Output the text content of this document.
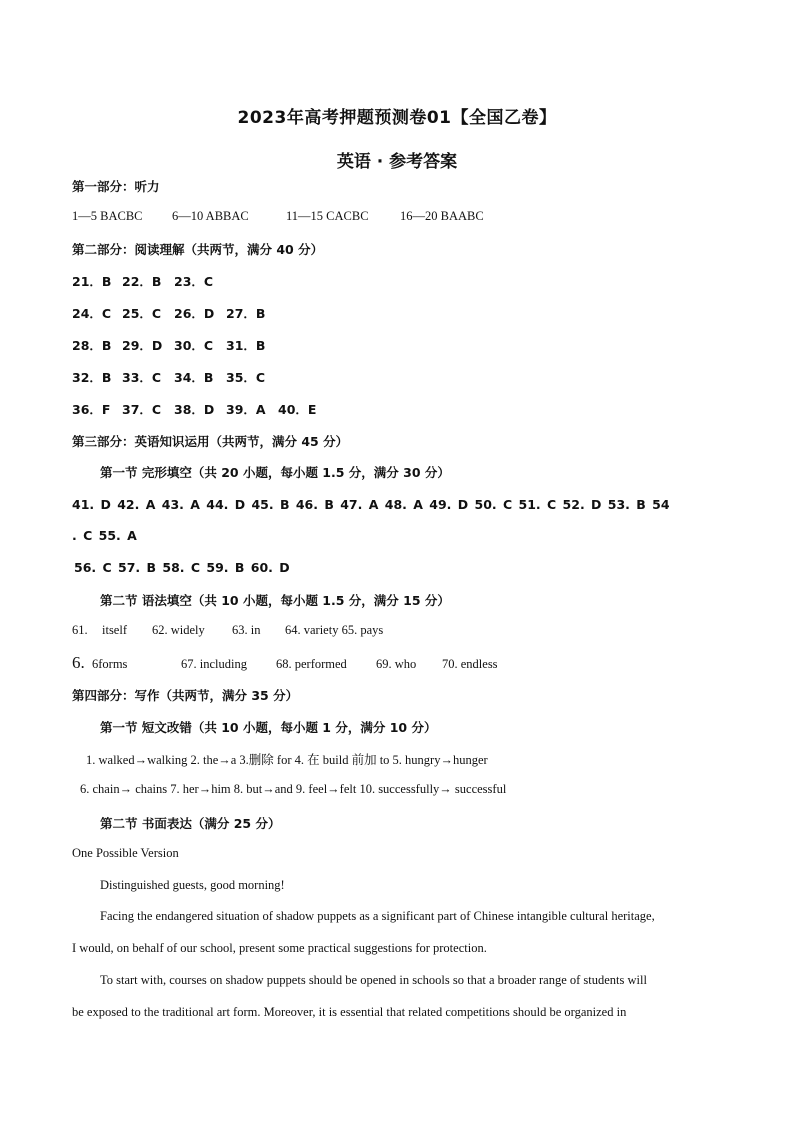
2023年高考押题预测卷01【全国乙卷】
英语 · 参考答案
第一部分：听力
1—5 BACBC 6—10 ABBAC	11—15 CACBC	16—20 BAABC
第二部分：阅读理解（共两节，满分 40 分）
21．B 22．B 23．C
24．C 25．C 26．D 27．B
28．B 29．D 30．C 31．B
32．B 33．C 34．B 35．C
36．F 37．C 38．D 39．A 40．E
第三部分：英语知识运用（共两节，满分 45 分）
第一节 完形填空（共 20 小题，每小题 1.5 分，满分 30 分）
41. D 42. A 43. A 44. D 45. B 46. B 47. A 48. A 49. D 50. C 51. C 52. D 53. B 54
. C 55. A
56. C 57. B 58. C 59. B 60. D
第二节 语法填空（共 10 小题，每小题 1.5 分，满分 15 分）
61. itself 62. widely 63. in 64. variety 65. pays
6. 6forms	67. including 68. performed 69. who 70. endless
第四部分：写作（共两节，满分 35 分）
第一节 短文改错（共 10 小题，每小题 1 分，满分 10 分）
1. walked→walking 2. the→a 3.删除 for 4. 在 build 前加 to 5. hungry→hunger
6. chain→ chains 7. her→him 8. but→and 9. feel→felt 10. successfully→ successful
第二节 书面表达（满分 25 分）
One Possible Version
Distinguished guests, good morning!
Facing the endangered situation of shadow puppets as a significant part of Chinese intangible cultural heritage,
I would, on behalf of our school, present some practical suggestions for protection.
To start with, courses on shadow puppets should be opened in schools so that a broader range of students will
be exposed to the traditional art form. Moreover, it is essential that related competitions should be organized in
